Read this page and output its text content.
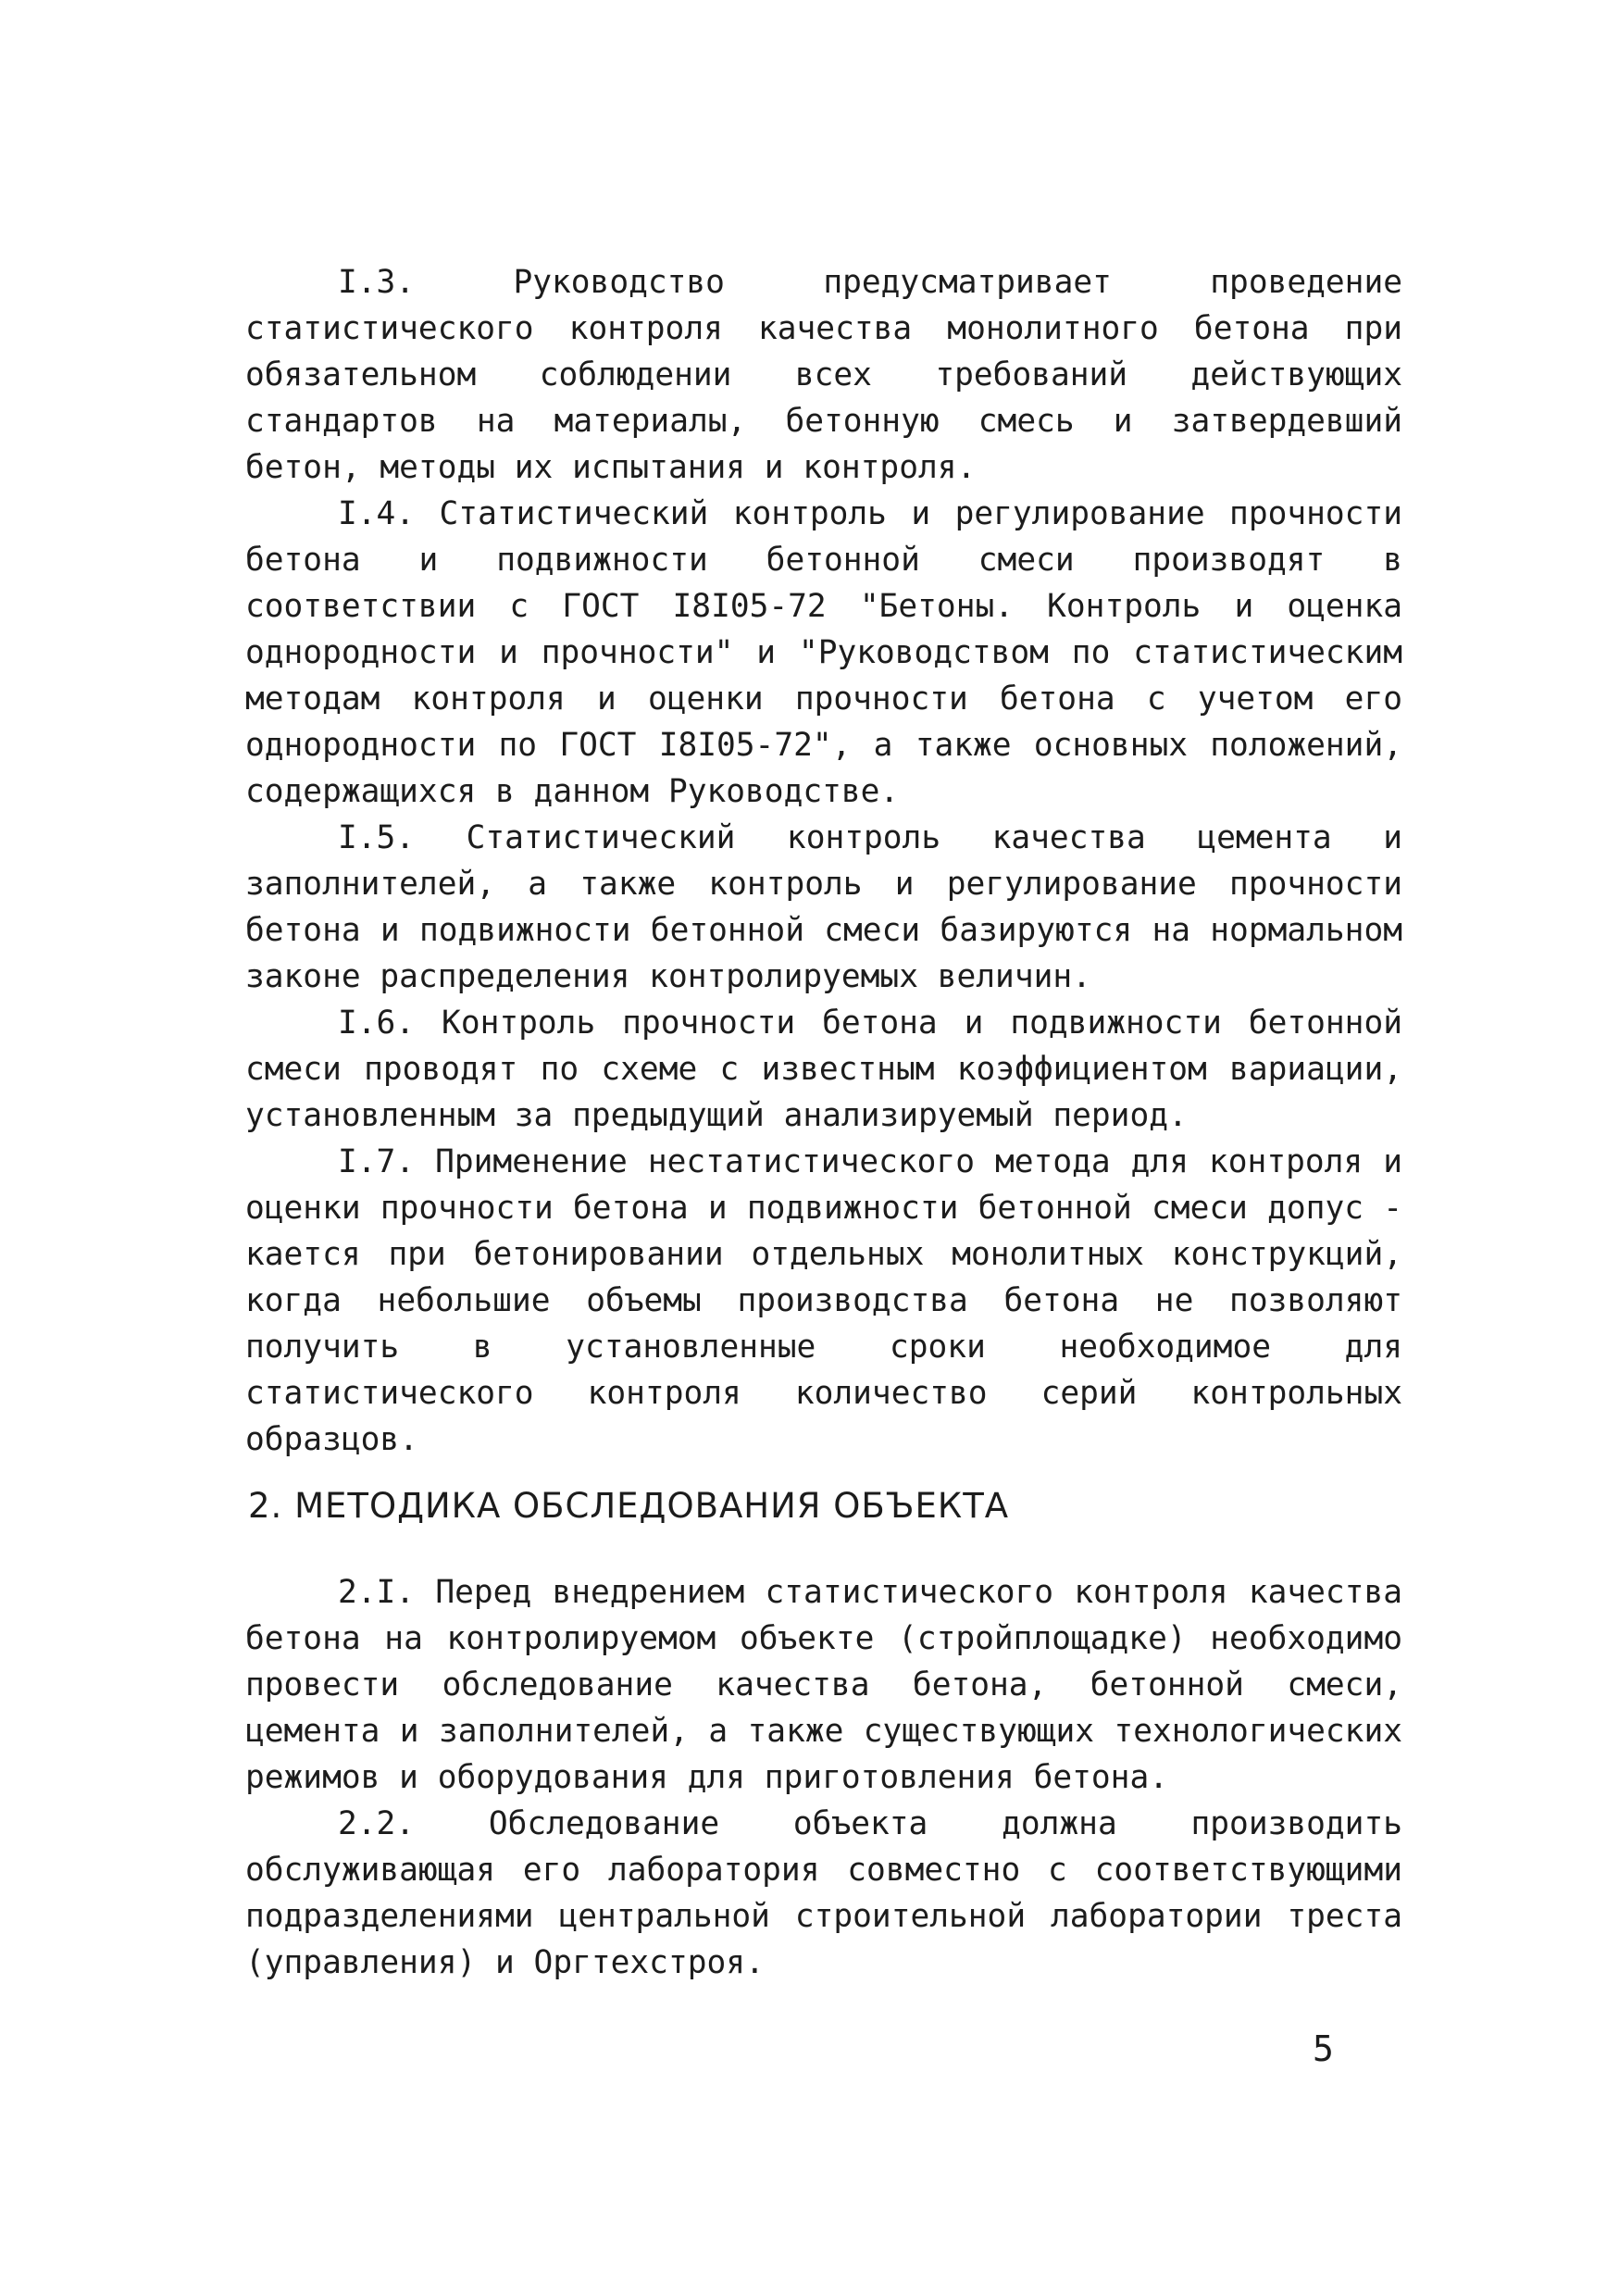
I.3. Руководство предусматривает проведение статистического контроля качества монолитного бетона при обязательном соблюдении всех требований действующих стандартов на материалы, бетонную смесь и затвердевший бетон, методы их испытания и контроля.

I.4. Статистический контроль и регулирование прочности бетона и подвижности бетонной смеси производят в соответствии с ГОСТ I8I05-72 "Бетоны. Контроль и оценка однородности и прочности" и "Руководством по статистическим методам контроля и оценки прочности бетона с учетом его однородности по ГОСТ I8I05-72", а также основных положений, содержащихся в данном Руководстве.

I.5. Статистический контроль качества цемента и заполнителей, а также контроль и регулирование прочности бетона и подвижности бетонной смеси базируются на нормальном законе распределения контролируемых величин.

I.6. Контроль прочности бетона и подвижности бетонной смеси проводят по схеме с известным коэффициентом вариации, установленным за предыдущий анализируемый период.

I.7. Применение нестатистического метода для контроля и оценки прочности бетона и подвижности бетонной смеси допус - кается при бетонировании отдельных монолитных конструкций, когда небольшие объемы производства бетона не позволяют получить в установленные сроки необходимое для статистического контроля количество серий контрольных образцов.

2. МЕТОДИКА ОБСЛЕДОВАНИЯ ОБЪЕКТА

2.I. Перед внедрением статистического контроля качества бетона на контролируемом объекте (стройплощадке) необходимо провести обследование качества бетона, бетонной смеси, цемента и заполнителей, а также существующих технологических режимов и оборудования для приготовления бетона.

2.2. Обследование объекта должна производить обслуживающая его лаборатория совместно с соответствующими подразделениями центральной строительной лаборатории треста (управления) и Оргтехстроя.

5
